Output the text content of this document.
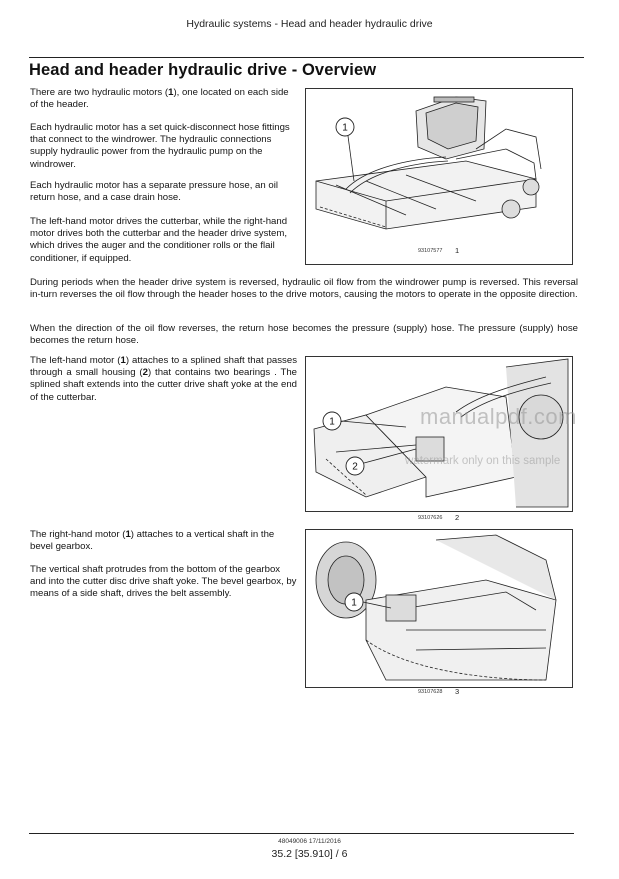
Hydraulic systems - Head and header hydraulic drive
Head and header hydraulic drive - Overview
There are two hydraulic motors (1), one located on each side of the header.
Each hydraulic motor has a set quick-disconnect hose fittings that connect to the windrower. The hydraulic connections supply hydraulic power from the hydraulic pump on the windrower.
Each hydraulic motor has a separate pressure hose, an oil return hose, and a case drain hose.
The left-hand motor drives the cutterbar, while the right-hand motor drives both the cutterbar and the header drive system, which drives the auger and the conditioner rolls or the flail conditioner, if equipped.
During periods when the header drive system is reversed, hydraulic oil flow from the windrower pump is reversed. This reversal in-turn reverses the oil flow through the header hoses to the drive motors, causing the motors to operate in the opposite direction.
When the direction of the oil flow reverses, the return hose becomes the pressure (supply) hose. The pressure (supply) hose becomes the return hose.
The left-hand motor (1) attaches to a splined shaft that passes through a small housing (2) that contains two bearings . The splined shaft extends into the cutter drive shaft yoke at the end of the cutterbar.
The right-hand motor (1) attaches to a vertical shaft in the bevel gearbox.
The vertical shaft protrudes from the bottom of the gearbox and into the cutter disc drive shaft yoke. The bevel gearbox, by means of a side shaft, drives the belt assembly.
1
93107577 1
1
2
93107626 2
1
93107628 3
manualpdf.com
watermark only on this sample
48049006 17/11/2016
35.2 [35.910] / 6
